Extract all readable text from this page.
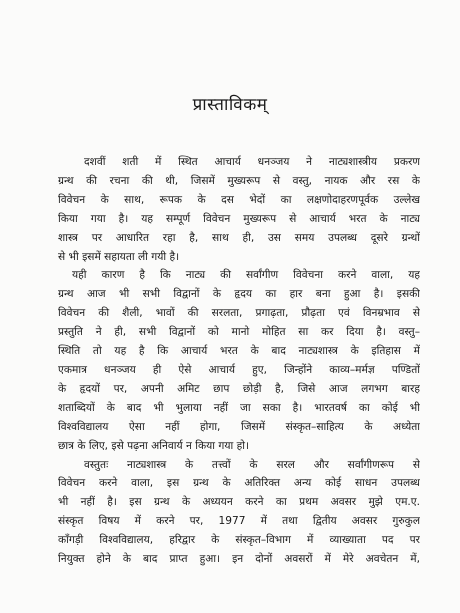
प्रास्ताविकम्
दशवीं शती में स्थित आचार्य धनञ्जय ने नाट्यशास्त्रीय प्रकरण
ग्रन्थ की रचना की थी, जिसमें मुख्यरूप से वस्तु, नायक और रस के
विवेचन के साथ, रूपक के दस भेदों का लक्षणोदाहरणपूर्वक उल्लेख
किया गया है। यह सम्पूर्ण विवेचन मुख्यरूप से आचार्य भरत के नाट्य
शास्त्र पर आधारित रहा है, साथ ही, उस समय उपलब्ध दूसरे ग्रन्थों
से भी इसमें सहायता ली गयी है।
यही कारण है कि नाट्य की सर्वांगीण विवेचना करने वाला, यह
ग्रन्थ आज भी सभी विद्वानों के हृदय का हार बना हुआ है। इसकी
विवेचन की शैली, भावों की सरलता, प्रगाढ़ता, प्रौढ़ता एवं विनम्रभाव से
प्रस्तुति ने ही, सभी विद्वानों को मानो मोहित सा कर दिया है। वस्तु–
स्थिति तो यह है कि आचार्य भरत के बाद नाट्यशास्त्र के इतिहास में
एकमात्र धनञ्जय ही ऐसे आचार्य हुए, जिन्होंने काव्य–मर्मज्ञ पण्डितों
के हृदयों पर, अपनी अमिट छाप छोड़ी है, जिसे आज लगभग बारह
शताब्दियों के बाद भी भुलाया नहीं जा सका है। भारतवर्ष का कोई भी
विश्वविद्यालय ऐसा नहीं होगा, जिसमें संस्कृत–साहित्य के अध्येता
छात्र के लिए, इसे पढ़ना अनिवार्य न किया गया हो।
वस्तुतः नाट्यशास्त्र के तत्त्वों के सरल और सर्वांगीणरूप से
विवेचन करने वाला, इस ग्रन्थ के अतिरिक्त अन्य कोई साधन उपलब्ध
भी नहीं है। इस ग्रन्थ के अध्ययन करने का प्रथम अवसर मुझे एम.ए.
संस्कृत विषय में करने पर, 1977 में तथा द्वितीय अवसर गुरुकुल
काँगड़ी विश्वविद्यालय, हरिद्वार के संस्कृत–विभाग में व्याख्याता पद पर
नियुक्त होने के बाद प्राप्त हुआ। इन दोनों अवसरों में मेरे अवचेतन में,
